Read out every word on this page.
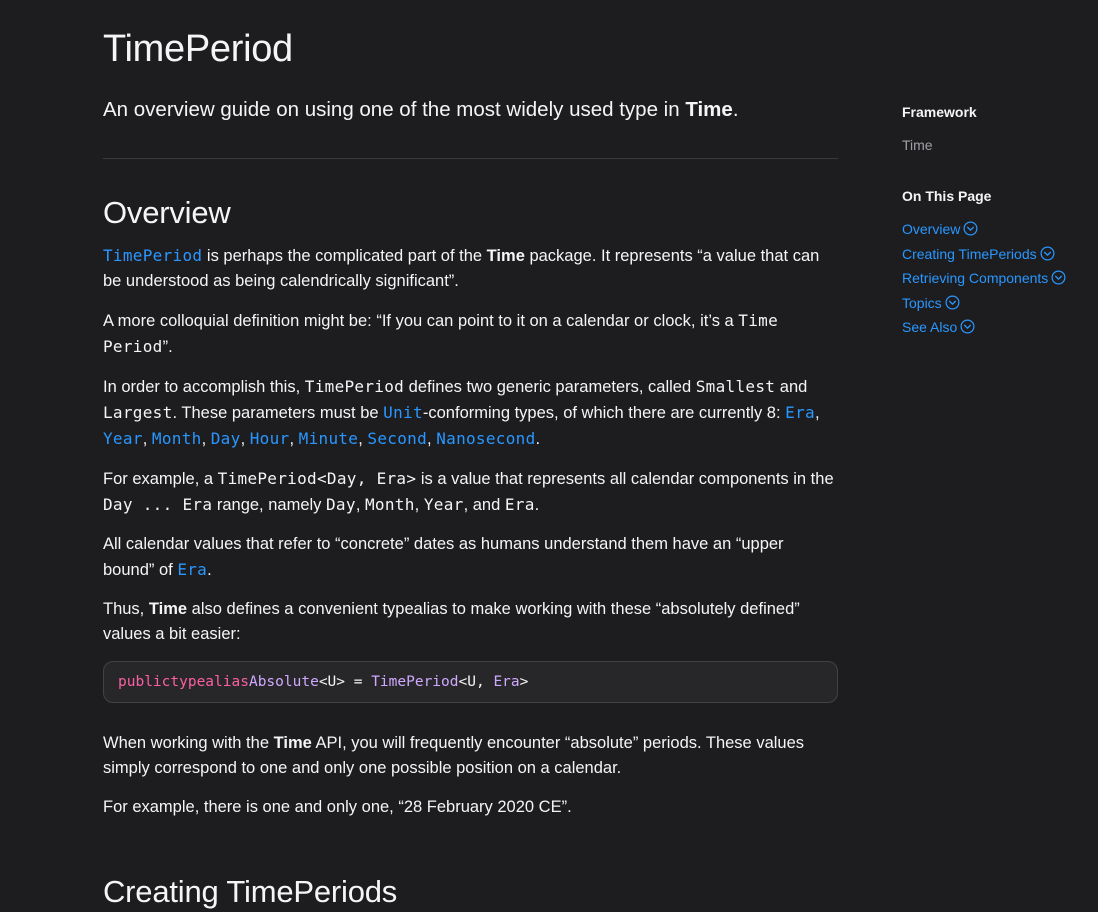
TimePeriod

An overview guide on using one of the most widely used type in Time.

Overview

TimePeriod is perhaps the complicated part of the Time package. It represents “a value that can be understood as being calendrically significant”.

A more colloquial definition might be: “If you can point to it on a calendar or clock, it’s a Time
Period”.

In order to accomplish this, TimePeriod defines two generic parameters, called Smallest and
Largest. These parameters must be Unit-conforming types, of which there are currently 8: Era,
Year, Month, Day, Hour, Minute, Second, Nanosecond.

For example, a TimePeriod<Day, Era> is a value that represents all calendar components in the
Day ... Era range, namely Day, Month, Year, and Era.

All calendar values that refer to “concrete” dates as humans understand them have an “upper bound” of Era.

Thus, Time also defines a convenient typealias to make working with these “absolutely defined” values a bit easier:

public typealias Absolute <U> = TimePeriod <U, Era >

When working with the Time API, you will frequently encounter “absolute” periods. These values simply correspond to one and only one possible position on a calendar.

For example, there is one and only one, “28 February 2020 CE”.

Creating TimePeriods

Framework

Time

On This Page

Overview
Creating TimePeriods
Retrieving Components
Topics
See Also
